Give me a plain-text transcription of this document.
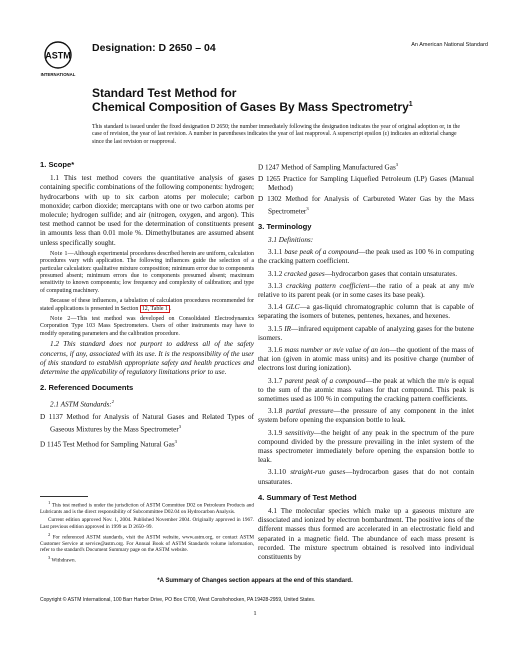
ASTM
INTERNATIONAL
Designation: D 2650 – 04	An American National Standard
Standard Test Method for
Chemical Composition of Gases By Mass Spectrometry$^1$
This standard is issued under the fixed designation D 2650; the number immediately following the designation indicates the year of original adoption or, in the case of revision, the year of last revision. A number in parentheses indicates the year of last reapproval. A superscript epsilon (ε) indicates an editorial change since the last revision or reapproval.
1. Scope*

1.1 This test method covers the quantitative analysis of gases containing specific combinations of the following components: hydrogen; hydrocarbons with up to six carbon atoms per molecule; carbon monoxide; carbon dioxide; mercaptans with one or two carbon atoms per molecule; hydrogen sulfide; and air (nitrogen, oxygen, and argon). This test method cannot be used for the determination of constituents present in amounts less than 0.01 mole %. Dimethylbutanes are assumed absent unless specifically sought.

Note 1—Although experimental procedures described herein are uniform, calculation procedures vary with application. The following influences guide the selection of a particular calculation: qualitative mixture composition; minimum error due to components presumed absent; minimum errors due to components presumed absent; maximum sensitivity to known components; low frequency and complexity of calibration; and type of computing machinery.

Because of these influences, a tabulation of calculation procedures recommended for stated applications is presented in Section 12, Table 1 .

Note 2—This test method was developed on Consolidated Electrodynamics Corporation Type 103 Mass Spectrometers. Users of other instruments may have to modify operating parameters and the calibration procedure.

1.2 This standard does not purport to address all of the safety concerns, if any, associated with its use. It is the responsibility of the user of this standard to establish appropriate safety and health practices and determine the applicability of regulatory limitations prior to use.

2. Referenced Documents

2.1 ASTM Standards:$^2$

D 1137 Method for Analysis of Natural Gases and Related Types of Gaseous Mixtures by the Mass Spectrometer$^3$

D 1145 Test Method for Sampling Natural Gas$^3$

$^1$ This test method is under the jurisdiction of ASTM Committee D02 on Petroleum Products and Lubricants and is the direct responsibility of Subcommittee D02.04 on Hydrocarbon Analysis.

Current edition approved Nov. 1, 2004. Published November 2004. Originally approved in 1967. Last previous edition approved in 1999 as D 2650–99.

$^2$ For referenced ASTM standards, visit the ASTM website, www.astm.org, or contact ASTM Customer Service at service@astm.org. For Annual Book of ASTM Standards volume information, refer to the standard's Document Summary page on the ASTM website.

$^3$ Withdrawn.

D 1247 Method of Sampling Manufactured Gas$^3$

D 1265 Practice for Sampling Liquefied Petroleum (LP) Gases (Manual Method)

D 1302 Method for Analysis of Carbureted Water Gas by the Mass Spectrometer$^3$

3. Terminology

3.1 Definitions:

3.1.1 base peak of a compound—the peak used as 100 % in computing the cracking pattern coefficient.

3.1.2 cracked gases—hydrocarbon gases that contain unsaturates.

3.1.3 cracking pattern coefficient—the ratio of a peak at any m/e relative to its parent peak (or in some cases its base peak).

3.1.4 GLC—a gas-liquid chromatographic column that is capable of separating the isomers of butenes, pentenes, hexanes, and hexenes.

3.1.5 IR—infrared equipment capable of analyzing gases for the butene isomers.

3.1.6 mass number or m/e value of an ion—the quotient of the mass of that ion (given in atomic mass units) and its positive charge (number of electrons lost during ionization).

3.1.7 parent peak of a compound—the peak at which the m/e is equal to the sum of the atomic mass values for that compound. This peak is sometimes used as 100 % in computing the cracking pattern coefficients.

3.1.8 partial pressure—the pressure of any component in the inlet system before opening the expansion bottle to leak.

3.1.9 sensitivity—the height of any peak in the spectrum of the pure compound divided by the pressure prevailing in the inlet system of the mass spectrometer immediately before opening the expansion bottle to leak.

3.1.10 straight-run gases—hydrocarbon gases that do not contain unsaturates.

4. Summary of Test Method

4.1 The molecular species which make up a gaseous mixture are dissociated and ionized by electron bombardment. The positive ions of the different masses thus formed are accelerated in an electrostatic field and separated in a magnetic field. The abundance of each mass present is recorded. The mixture spectrum obtained is resolved into individual constituents by

*A Summary of Changes section appears at the end of this standard.
Copyright © ASTM International, 100 Barr Harbor Drive, PO Box C700, West Conshohocken, PA 19428-2959, United States.
1
